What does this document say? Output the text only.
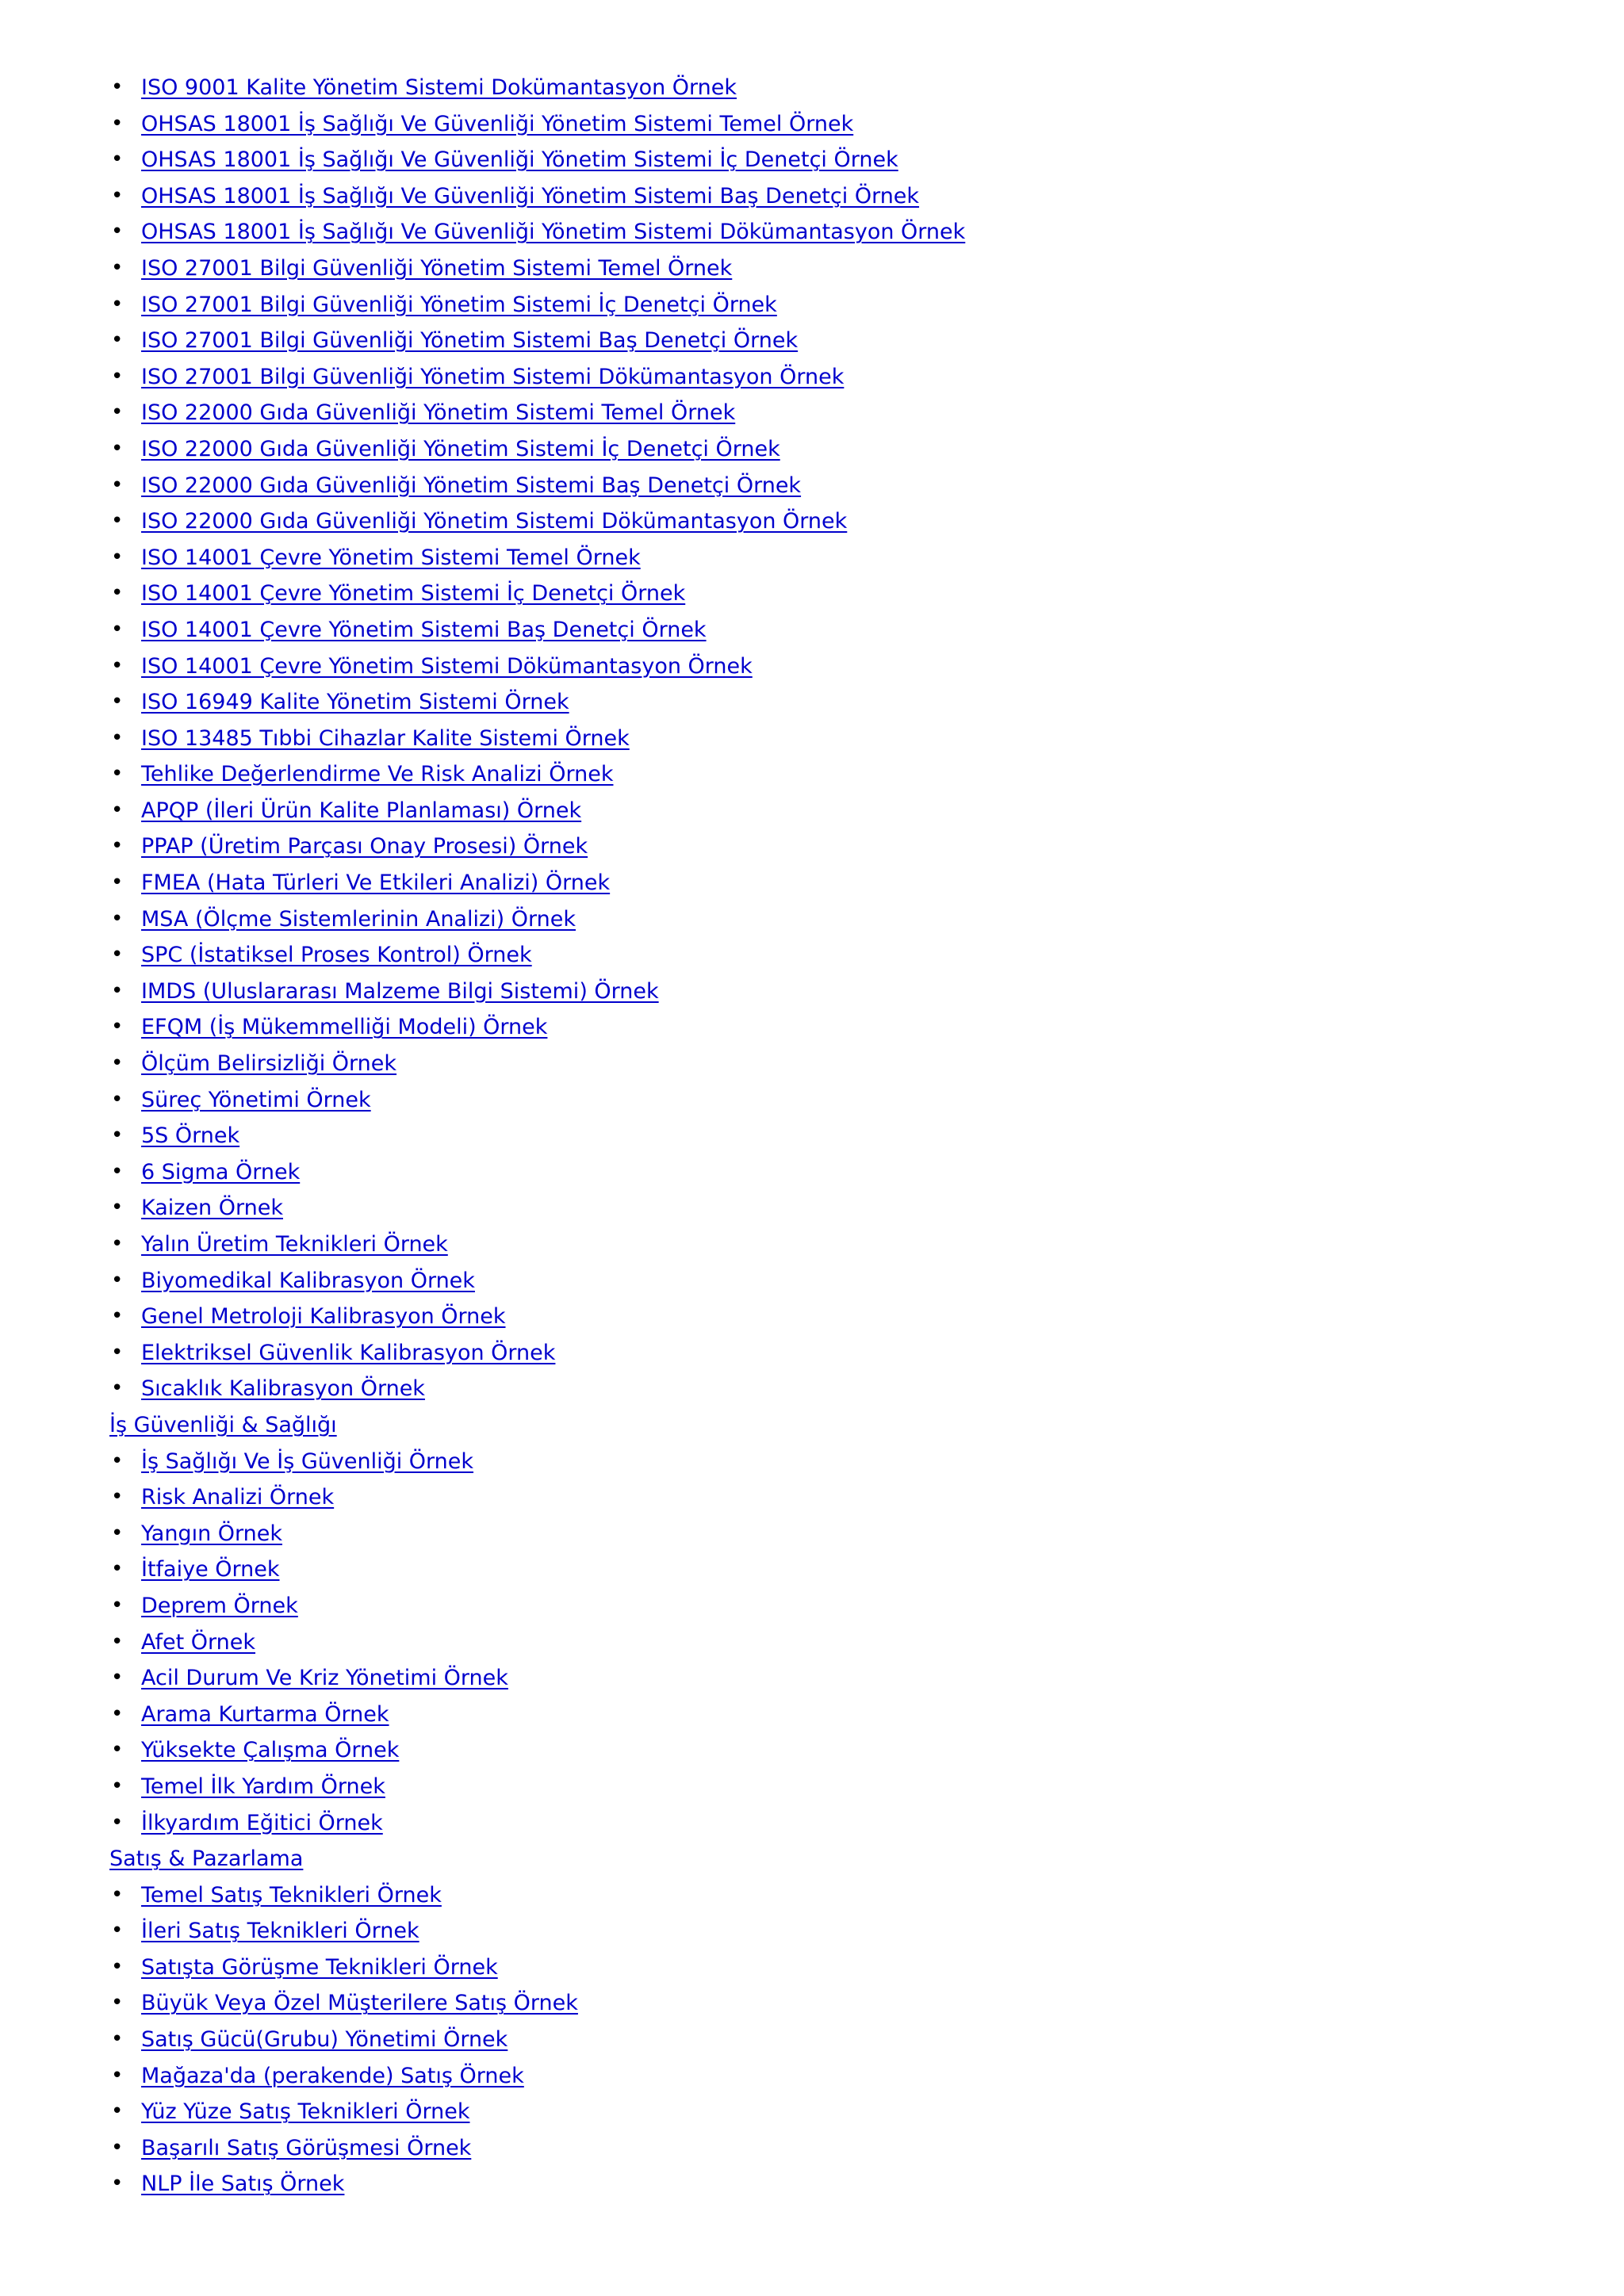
• ISO 9001 Kalite Yönetim Sistemi Dokümantasyon Örnek
• OHSAS 18001 İş Sağlığı Ve Güvenliği Yönetim Sistemi Temel Örnek
• OHSAS 18001 İş Sağlığı Ve Güvenliği Yönetim Sistemi İç Denetçi Örnek
• OHSAS 18001 İş Sağlığı Ve Güvenliği Yönetim Sistemi Baş Denetçi Örnek
• OHSAS 18001 İş Sağlığı Ve Güvenliği Yönetim Sistemi Dökümantasyon Örnek
• ISO 27001 Bilgi Güvenliği Yönetim Sistemi Temel Örnek
• ISO 27001 Bilgi Güvenliği Yönetim Sistemi İç Denetçi Örnek
• ISO 27001 Bilgi Güvenliği Yönetim Sistemi Baş Denetçi Örnek
• ISO 27001 Bilgi Güvenliği Yönetim Sistemi Dökümantasyon Örnek
• ISO 22000 Gıda Güvenliği Yönetim Sistemi Temel Örnek
• ISO 22000 Gıda Güvenliği Yönetim Sistemi İç Denetçi Örnek
• ISO 22000 Gıda Güvenliği Yönetim Sistemi Baş Denetçi Örnek
• ISO 22000 Gıda Güvenliği Yönetim Sistemi Dökümantasyon Örnek
• ISO 14001 Çevre Yönetim Sistemi Temel Örnek
• ISO 14001 Çevre Yönetim Sistemi İç Denetçi Örnek
• ISO 14001 Çevre Yönetim Sistemi Baş Denetçi Örnek
• ISO 14001 Çevre Yönetim Sistemi Dökümantasyon Örnek
• ISO 16949 Kalite Yönetim Sistemi Örnek
• ISO 13485 Tıbbi Cihazlar Kalite Sistemi Örnek
• Tehlike Değerlendirme Ve Risk Analizi Örnek
• APQP (İleri Ürün Kalite Planlaması) Örnek
• PPAP (Üretim Parçası Onay Prosesi) Örnek
• FMEA (Hata Türleri Ve Etkileri Analizi) Örnek
• MSA (Ölçme Sistemlerinin Analizi) Örnek
• SPC (İstatiksel Proses Kontrol) Örnek
• IMDS (Uluslararası Malzeme Bilgi Sistemi) Örnek
• EFQM (İş Mükemmelliği Modeli) Örnek
• Ölçüm Belirsizliği Örnek
• Süreç Yönetimi Örnek
• 5S Örnek
• 6 Sigma Örnek
• Kaizen Örnek
• Yalın Üretim Teknikleri Örnek
• Biyomedikal Kalibrasyon Örnek
• Genel Metroloji Kalibrasyon Örnek
• Elektriksel Güvenlik Kalibrasyon Örnek
• Sıcaklık Kalibrasyon Örnek
İş Güvenliği & Sağlığı
• İş Sağlığı Ve İş Güvenliği Örnek
• Risk Analizi Örnek
• Yangın Örnek
• İtfaiye Örnek
• Deprem Örnek
• Afet Örnek
• Acil Durum Ve Kriz Yönetimi Örnek
• Arama Kurtarma Örnek
• Yüksekte Çalışma Örnek
• Temel İlk Yardım Örnek
• İlkyardım Eğitici Örnek
Satış & Pazarlama
• Temel Satış Teknikleri Örnek
• İleri Satış Teknikleri Örnek
• Satışta Görüşme Teknikleri Örnek
• Büyük Veya Özel Müşterilere Satış Örnek
• Satış Gücü(Grubu) Yönetimi Örnek
• Mağaza'da (perakende) Satış Örnek
• Yüz Yüze Satış Teknikleri Örnek
• Başarılı Satış Görüşmesi Örnek
• NLP İle Satış Örnek
